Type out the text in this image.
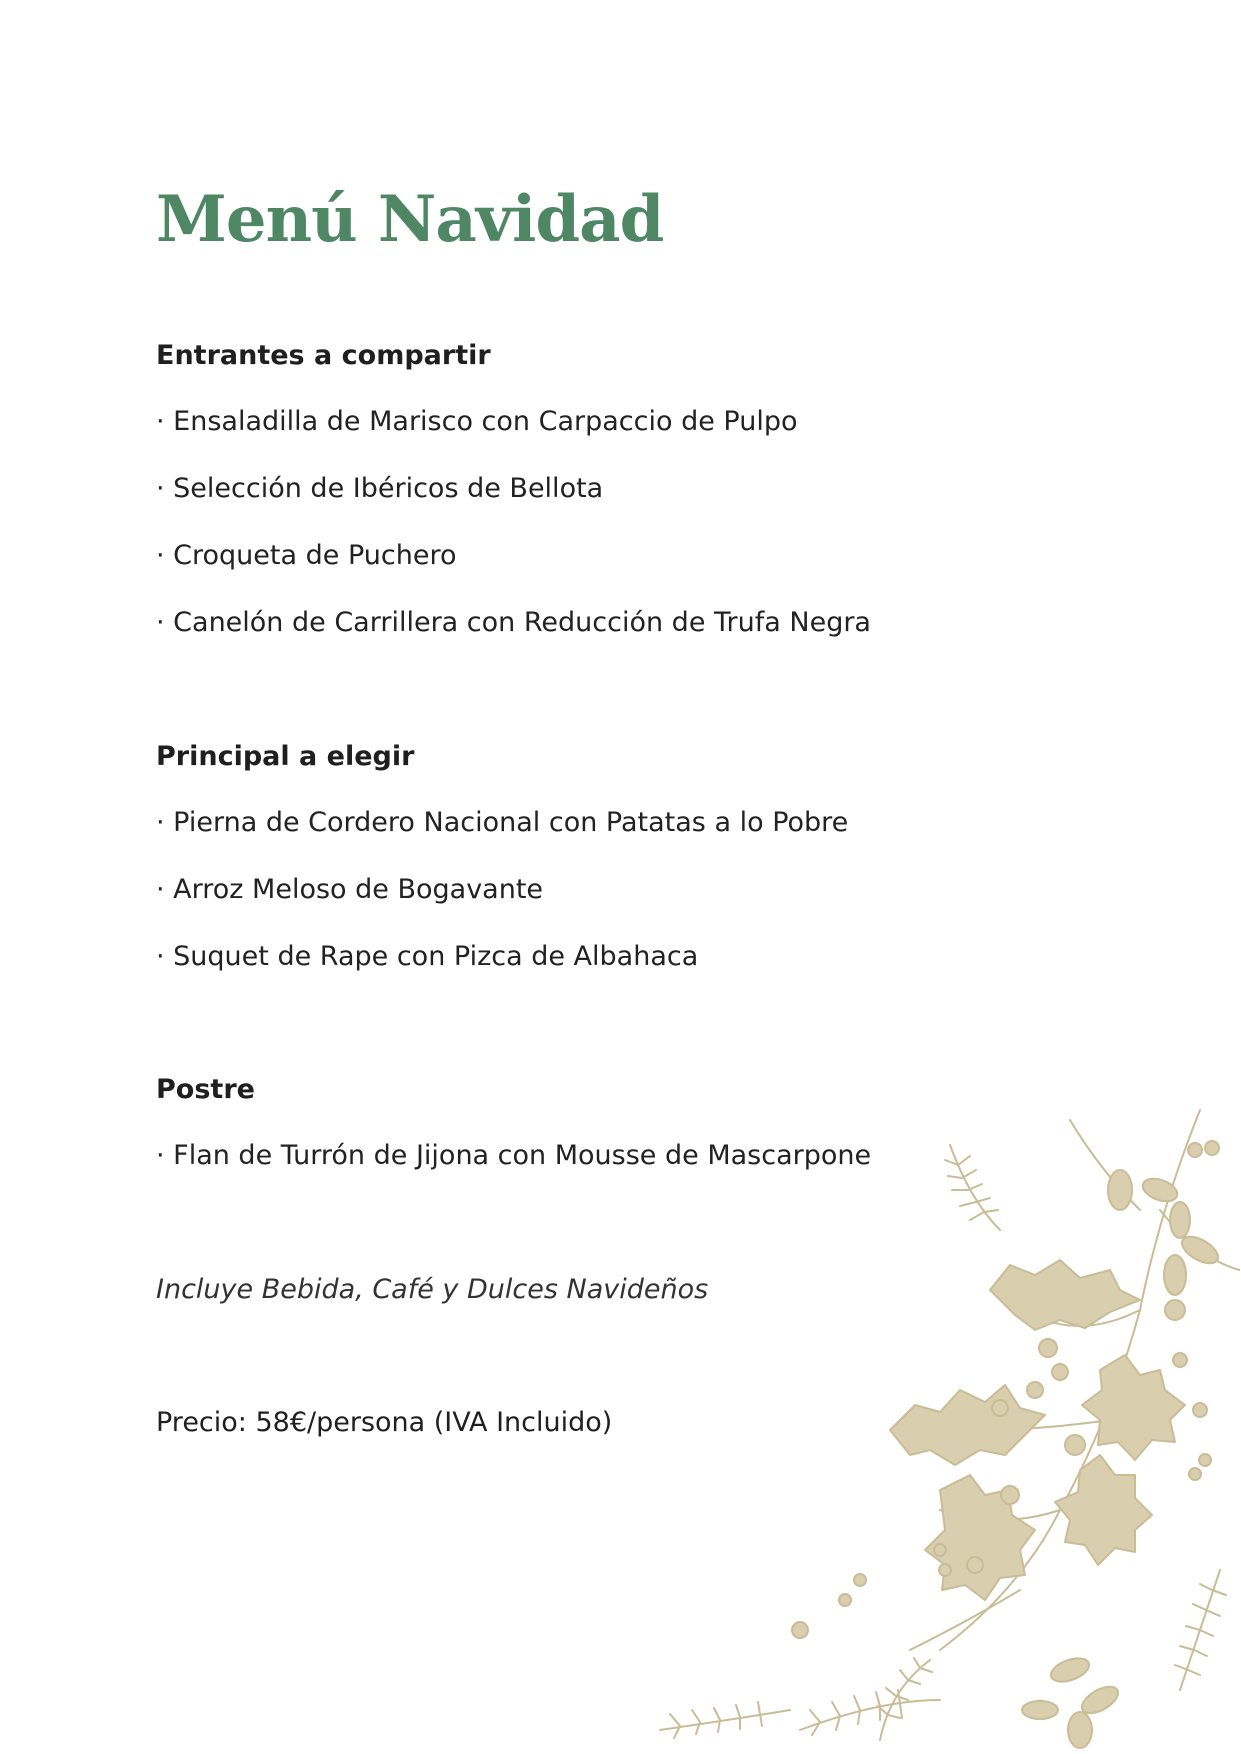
Menú Navidad
Entrantes a compartir

· Ensaladilla de Marisco con Carpaccio de Pulpo

· Selección de Ibéricos de Bellota

· Croqueta de Puchero

· Canelón de Carrillera con Reducción de Trufa Negra

Principal a elegir

· Pierna de Cordero Nacional con Patatas a lo Pobre

· Arroz Meloso de Bogavante

· Suquet de Rape con Pizca de Albahaca

Postre

· Flan de Turrón de Jijona con Mousse de Mascarpone

Incluye Bebida, Café y Dulces Navideños

Precio: 58€/persona (IVA Incluido)
